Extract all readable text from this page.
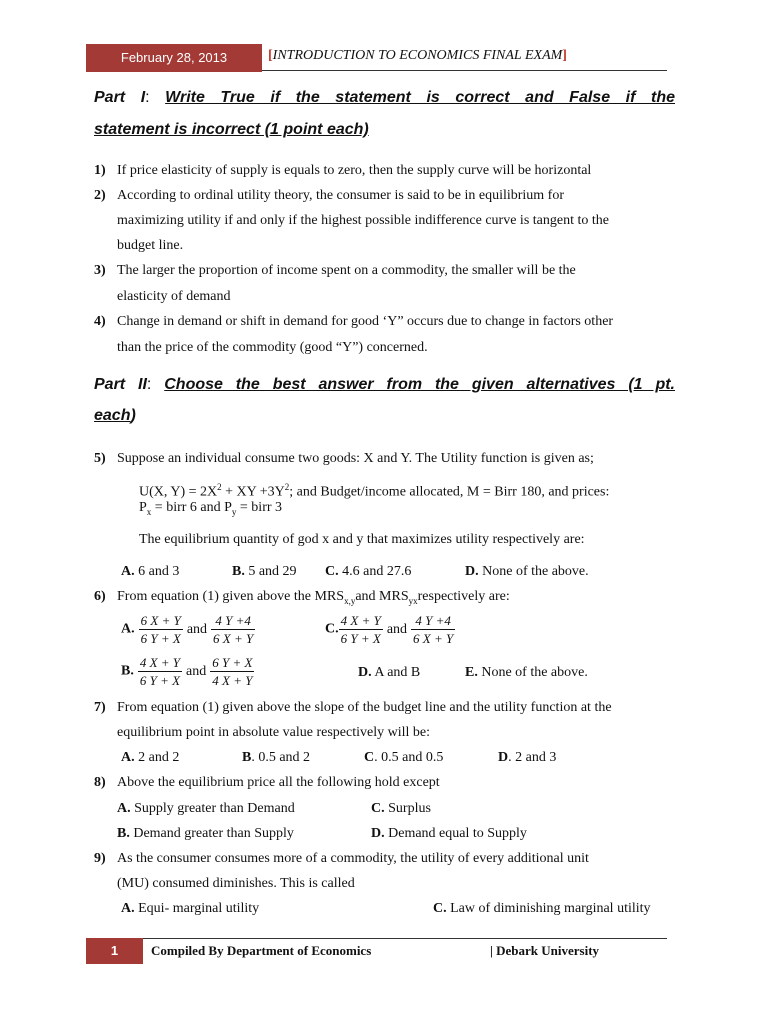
February 28, 2013	[INTRODUCTION TO ECONOMICS FINAL EXAM]
Part I: Write True if the statement is correct and False if the
statement is incorrect (1 point each)
1) If price elasticity of supply is equals to zero, then the supply curve will be horizontal
2) According to ordinal utility theory, the consumer is said to be in equilibrium for
maximizing utility if and only if the highest possible indifference curve is tangent to the
budget line.
3) The larger the proportion of income spent on a commodity, the smaller will be the
elasticity of demand
4) Change in demand or shift in demand for good ‘Y” occurs due to change in factors other
than the price of the commodity (good “Y”) concerned.
Part II: Choose the best answer from the given alternatives (1 pt.
each)
5) Suppose an individual consume two goods: X and Y. The Utility function is given as;
U(X, $Y) = 2X^2$ + XY $+3Y^2$; and Budget/income allocated, M = Birr 180, and prices:
$P_x$ = birr 6 and $P_y$ = birr 3
The equilibrium quantity of god x and y that maximizes utility respectively are:
A. 6 and 3	B. 5 and 29 C. 4.6 and 27.6	D. None of the above.
6) From equation (1) given above the $MRS_{x,y}and$ $MRS_{yx}respectively$ are:
A. $\frac{6 X + Y}{6 Y + X}$ and $\frac{4 Y +4}{6 X + Y}$	C. $\frac{4 X + Y}{6 Y + X}$ and $\frac{4 Y +4}{6 X + Y}$
B. $\frac{4 X + Y}{6 Y + X}$ and $\frac{6 Y + X}{4 X + Y}$	D. A and B	E. None of the above.
7) From equation (1) given above the slope of the budget line and the utility function at the
equilibrium point in absolute value respectively will be:
A. 2 and 2	B. 0.5 and 2	C. 0.5 and 0.5	D. 2 and 3
8) Above the equilibrium price all the following hold except
A. Supply greater than Demand	C. Surplus
B. Demand greater than Supply	D. Demand equal to Supply
9) As the consumer consumes more of a commodity, the utility of every additional unit
(MU) consumed diminishes. This is called
A. Equi- marginal utility	C. Law of diminishing marginal utility
1	Compiled By Department of Economics	| Debark University
